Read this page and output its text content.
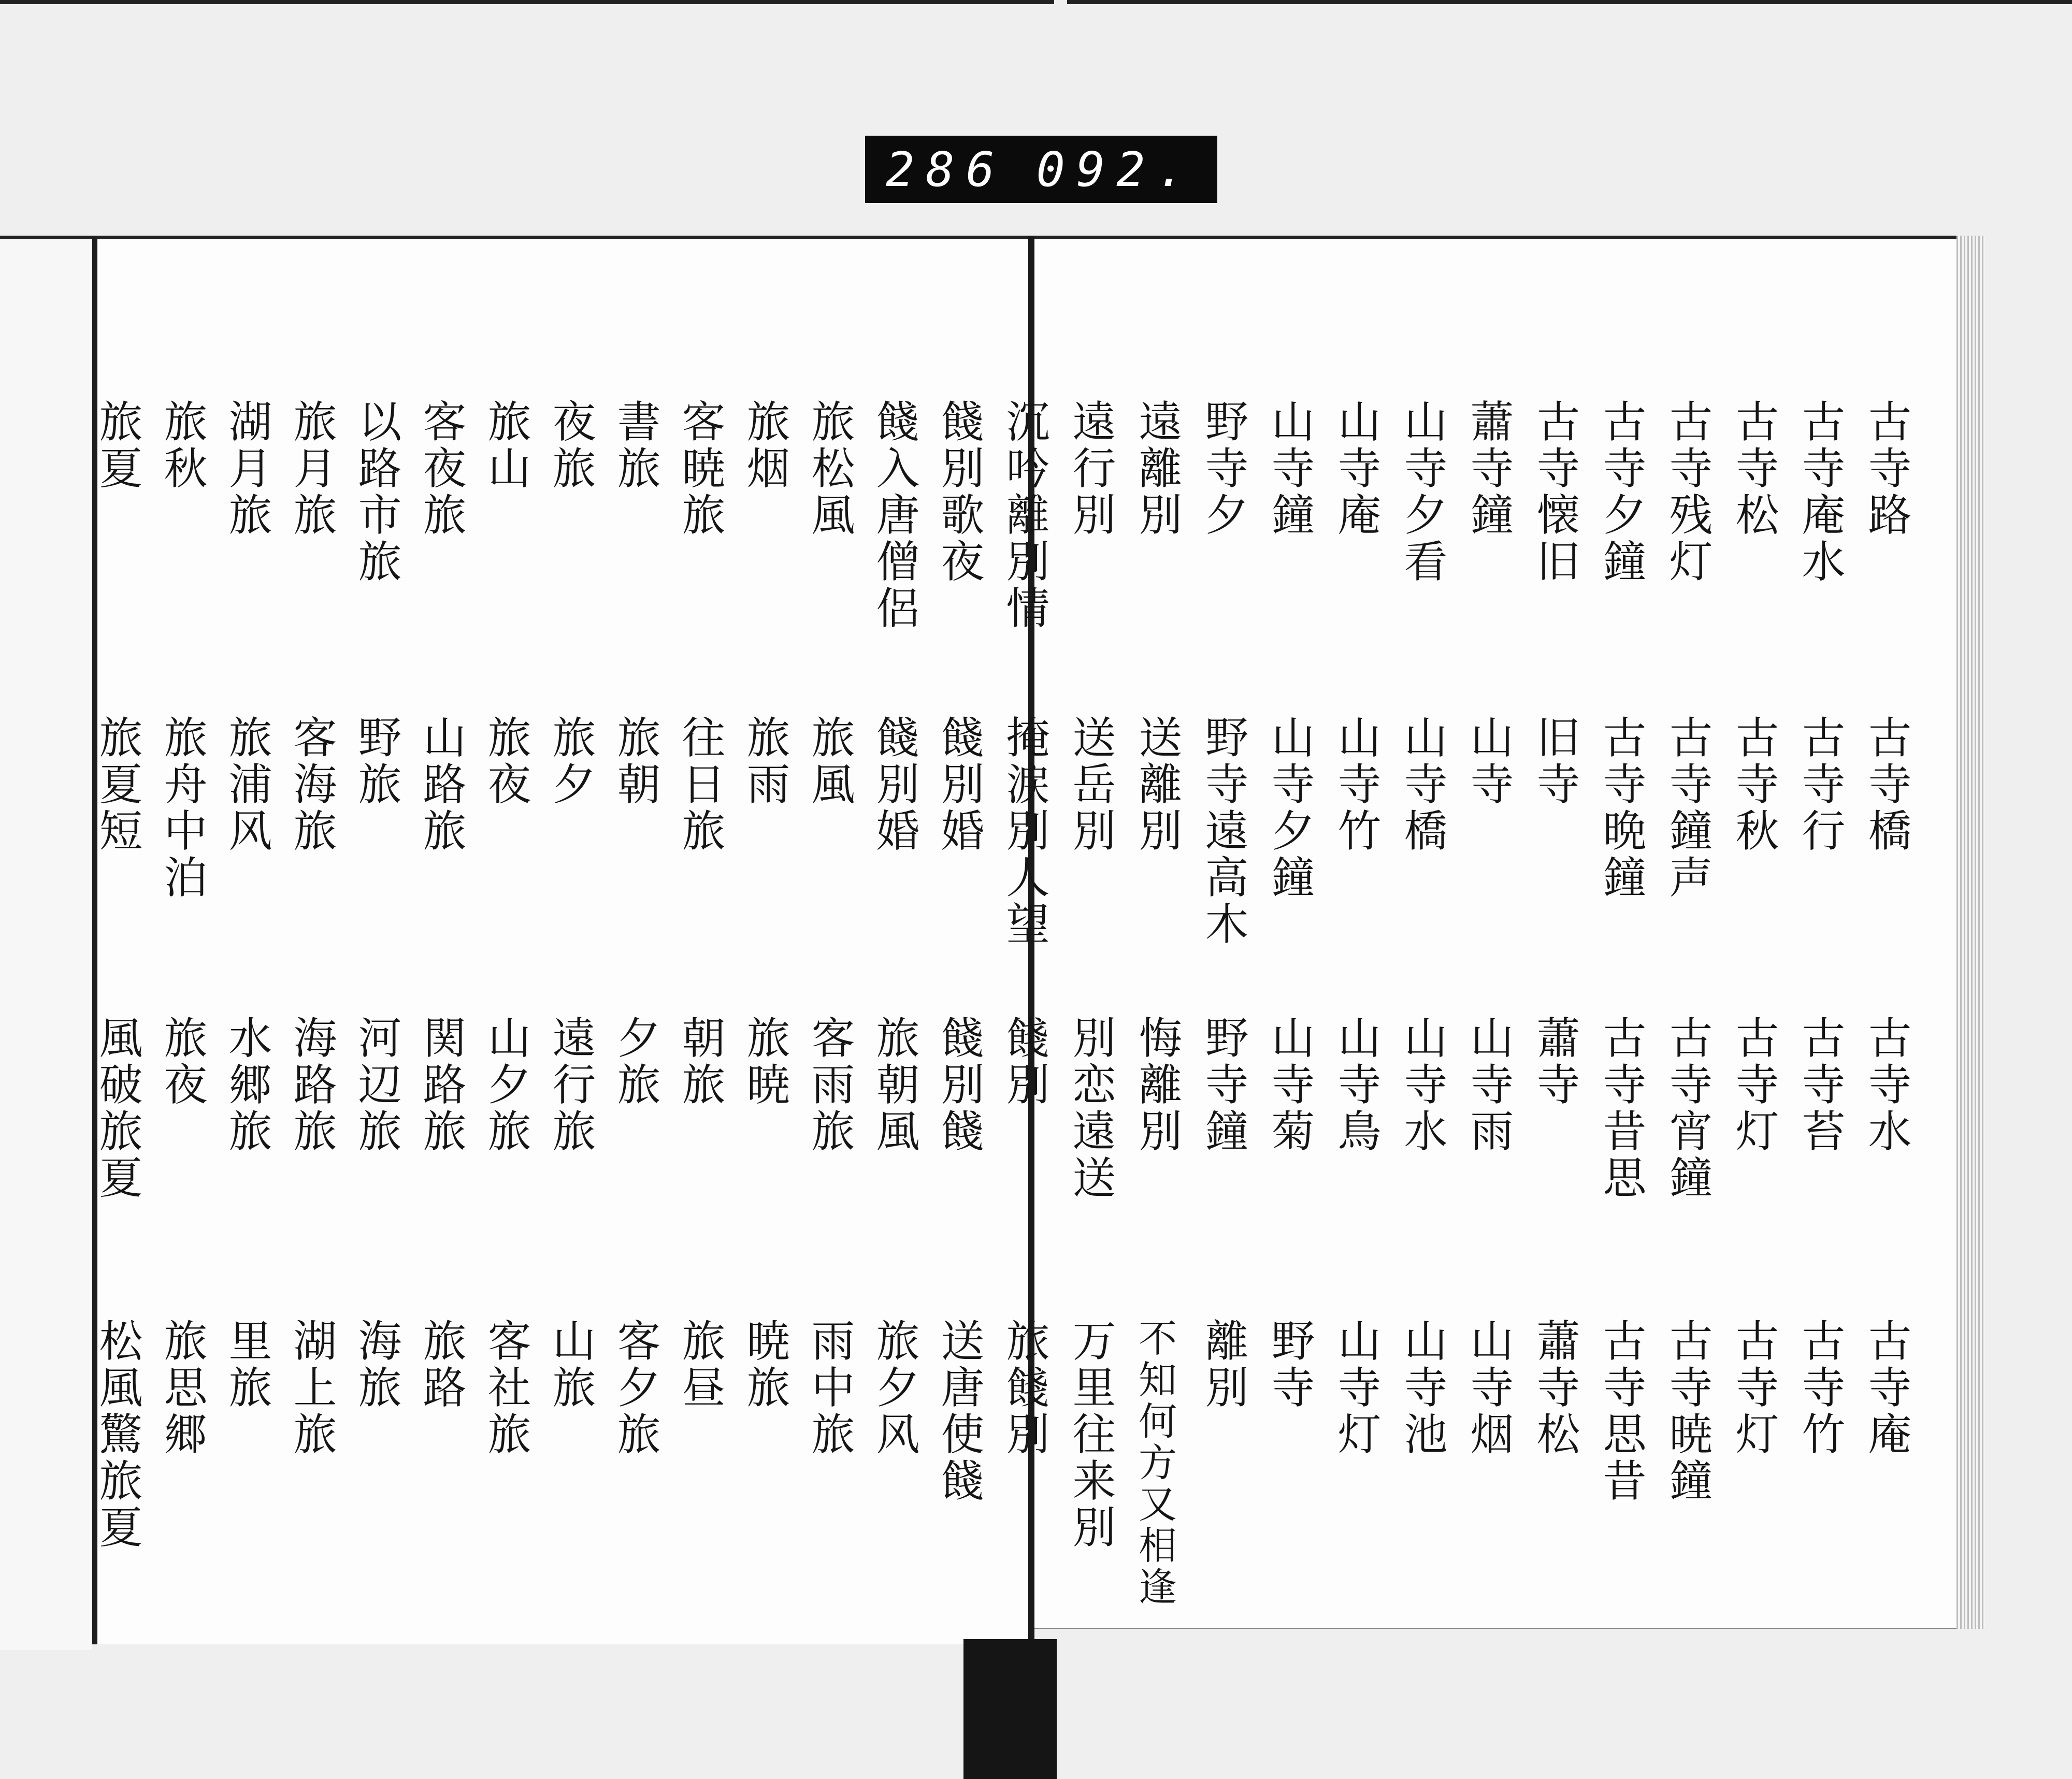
286 092.
古寺路
古寺庵水
古寺松
古寺残灯
古寺夕鐘
古寺懐旧
蕭寺鐘
山寺夕看
山寺庵
山寺鐘
野寺夕
遠離別
遠行別
沉吟離別情
古寺橋
古寺行
古寺秋
古寺鐘声
古寺晩鐘
旧寺
山寺
山寺橋
山寺竹
山寺夕鐘
野寺遠高木
送離別
送岳別
掩涙別人望
古寺水
古寺苔
古寺灯
古寺宵鐘
古寺昔思
蕭寺
山寺雨
山寺水
山寺鳥
山寺菊
野寺鐘
悔離別
別恋遠送
餞別
古寺庵
古寺竹
古寺灯
古寺暁鐘
古寺思昔
蕭寺松
山寺烟
山寺池
山寺灯
野寺
離別
不知何方又相逢
万里往来別
旅餞別
餞別歌夜
餞入唐僧侶
旅松風
旅烟
客暁旅
書旅
夜旅
旅山
客夜旅
以路市旅
旅月旅
湖月旅
旅秋
旅夏
餞別婚
餞別婚
旅風
旅雨
往日旅
旅朝
旅夕
旅夜
山路旅
野旅
客海旅
旅浦风
旅舟中泊
旅夏短
餞別餞
旅朝風
客雨旅
旅暁
朝旅
夕旅
遠行旅
山夕旅
関路旅
河辺旅
海路旅
水郷旅
旅夜
風破旅夏
送唐使餞
旅夕风
雨中旅
暁旅
旅昼
客夕旅
山旅
客社旅
旅路
海旅
湖上旅
里旅
旅思郷
松風驚旅夏
